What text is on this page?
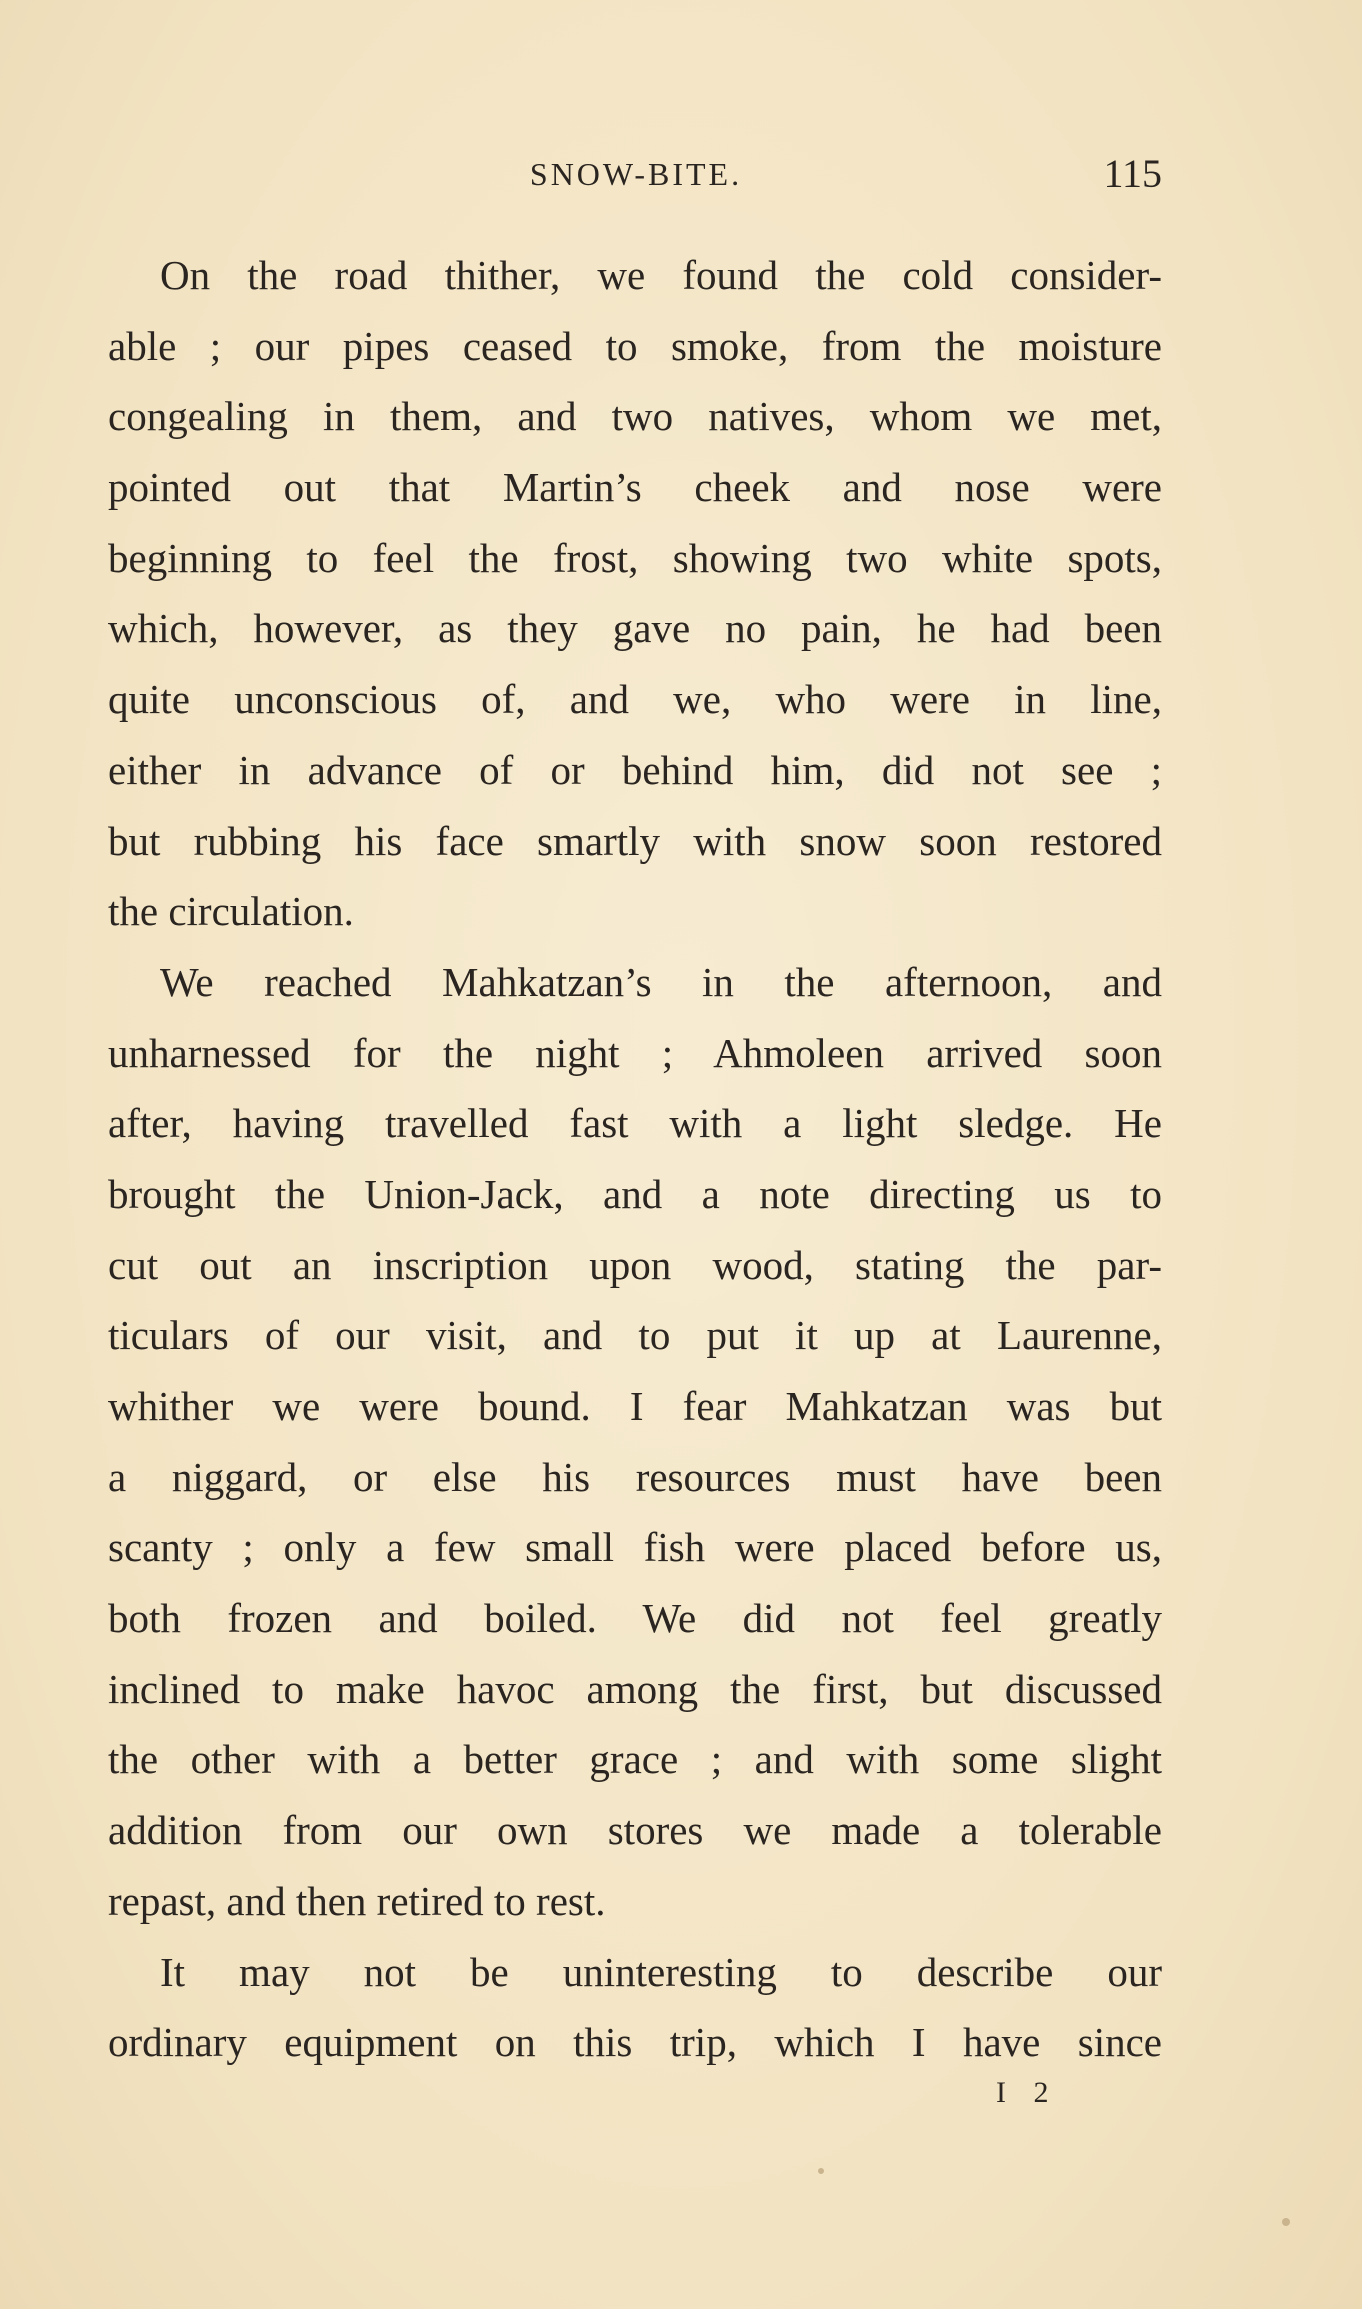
SNOW-BITE.	115
On the road thither, we found the cold consider-
able ; our pipes ceased to smoke, from the moisture
congealing in them, and two natives, whom we met,
pointed out that Martin’s cheek and nose were
beginning to feel the frost, showing two white spots,
which, however, as they gave no pain, he had been
quite unconscious of, and we, who were in line,
either in advance of or behind him, did not see ;
but rubbing his face smartly with snow soon restored
the circulation.
We reached Mahkatzan’s in the afternoon, and
unharnessed for the night ; Ahmoleen arrived soon
after, having travelled fast with a light sledge. He
brought the Union-Jack, and a note directing us to
cut out an inscription upon wood, stating the par-
ticulars of our visit, and to put it up at Laurenne,
whither we were bound. I fear Mahkatzan was but
a niggard, or else his resources must have been
scanty ; only a few small fish were placed before us,
both frozen and boiled. We did not feel greatly
inclined to make havoc among the first, but discussed
the other with a better grace ; and with some slight
addition from our own stores we made a tolerable
repast, and then retired to rest.
It may not be uninteresting to describe our
ordinary equipment on this trip, which I have since
I 2
